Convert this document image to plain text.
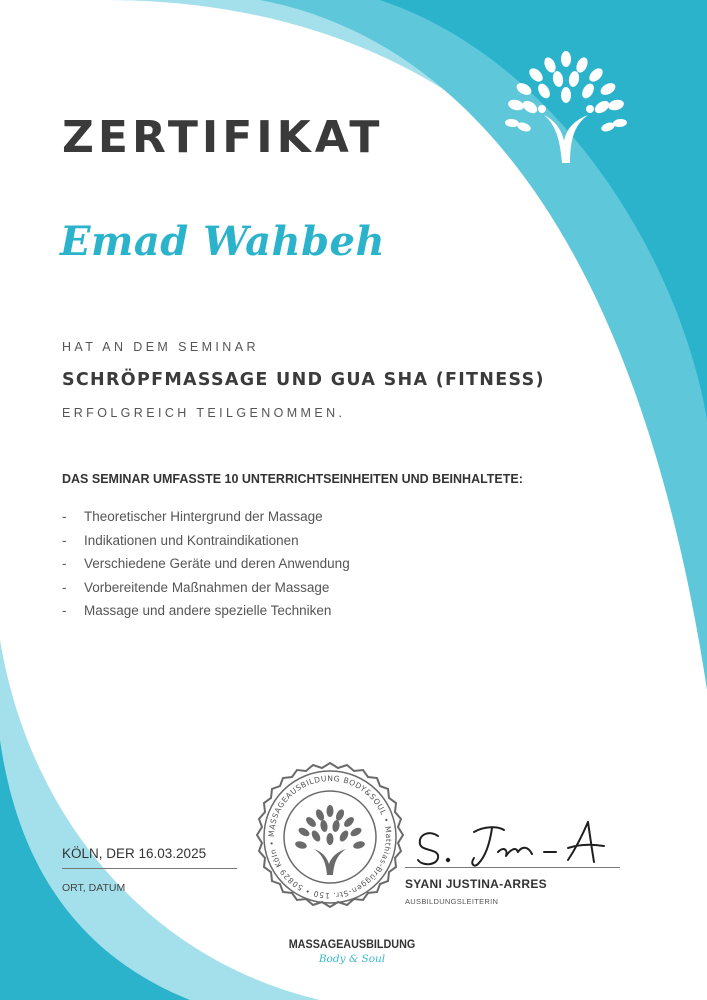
ZERTIFIKAT
Emad Wahbeh
HAT AN DEM SEMINAR
SCHRÖPFMASSAGE UND GUA SHA (FITNESS)
ERFOLGREICH TEILGENOMMEN.
DAS SEMINAR UMFASSTE 10 UNTERRICHTSEINHEITEN UND BEINHALTETE:
- Theoretischer Hintergrund der Massage
- Indikationen und Kontraindikationen
- Verschiedene Geräte und deren Anwendung
- Vorbereitende Maßnahmen der Massage
- Massage und andere spezielle Techniken
KÖLN, DER 16.03.2025
ORT, DATUM
MASSAGEAUSBILDUNG BODY&SOUL • Matthias-Brüggen-Str. 150 • 50829 Köln •
SYANI JUSTINA-ARRES
AUSBILDUNGSLEITERIN
MASSAGEAUSBILDUNG
Body & Soul
